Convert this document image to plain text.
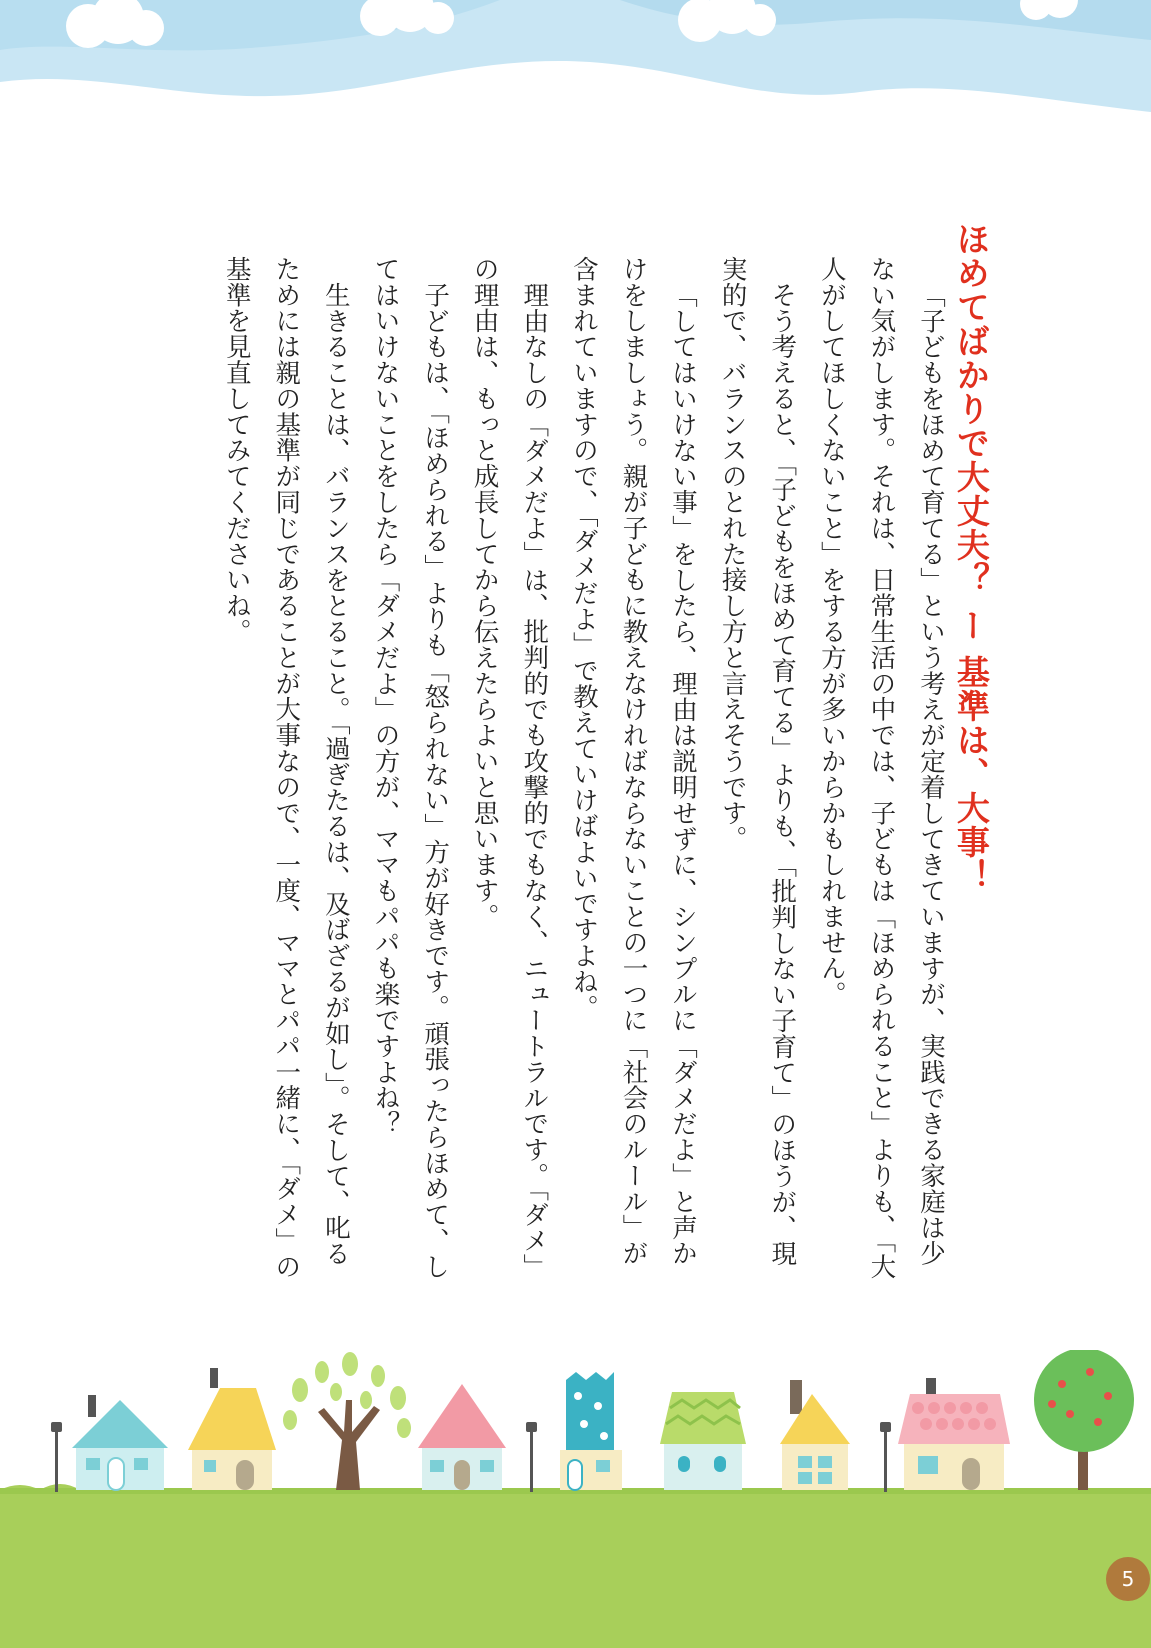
ほめてばかりで大丈夫？ ー 基準は、大事！

「子どもをほめて育てる」という考えが定着してきていますが、実践できる家庭は少ない気がします。それは、日常生活の中では、子どもは「ほめられること」よりも、「大人がしてほしくないこと」をする方が多いからかもしれません。

そう考えると、「子どもをほめて育てる」よりも、「批判しない子育て」のほうが、現実的で、バランスのとれた接し方と言えそうです。

「してはいけない事」をしたら、理由は説明せずに、シンプルに「ダメだよ」と声かけをしましょう。親が子どもに教えなければならないことの一つに「社会のルール」が含まれていますので、「ダメだよ」で教えていけばよいですよね。

理由なしの「ダメだよ」は、批判的でも攻撃的でもなく、ニュートラルです。「ダメ」の理由は、もっと成長してから伝えたらよいと思います。

子どもは、「ほめられる」よりも「怒られない」方が好きです。頑張ったらほめて、してはいけないことをしたら「ダメだよ」の方が、ママもパパも楽ですよね？

生きることは、バランスをとること。「過ぎたるは、及ばざるが如し」。そして、叱るためには親の基準が同じであることが大事なので、一度、ママとパパ一緒に、「ダメ」の基準を見直してみてくださいね。

5
